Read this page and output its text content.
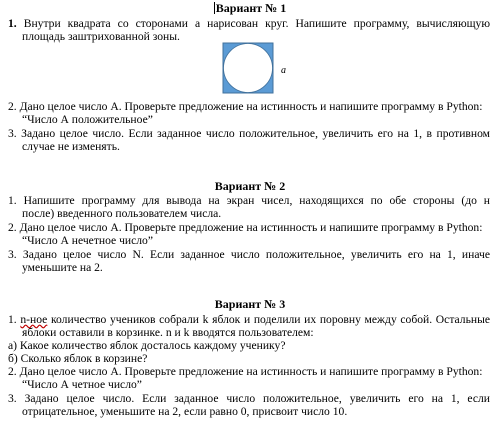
Вариант № 1
1. Внутри квадрата со сторонами a нарисован круг. Напишите программу, вычисляющую
площадь заштрихованной зоны.
a
2. Дано целое число А. Проверьте предложение на истинность и напишите программу в Python:
“Число А положительное”
3. Задано целое число. Если заданное число положительное, увеличить его на 1, в противном
случае не изменять.
Вариант № 2
1. Напишите программу для вывода на экран чисел, находящихся по обе стороны (до н
после) введенного пользователем числа.
2. Дано целое число А. Проверьте предложение на истинность и напишите программу в Python:
“Число А нечетное число”
3. Задано целое число N. Если заданное число положительное, увеличить его на 1, иначе
уменьшите на 2.
Вариант № 3
1. n-ное количество учеников собрали k яблок и поделили их поровну между собой. Остальные
яблоки оставили в корзинке. n и k вводятся пользователем:
а) Какое количество яблок досталось каждому ученику?
б) Сколько яблок в корзине?
2. Дано целое число А. Проверьте предложение на истинность и напишите программу в Python:
“Число А четное число”
3. Задано целое число. Если заданное число положительное, увеличить его на 1, если
отрицательное, уменьшите на 2, если равно 0, присвоит число 10.
